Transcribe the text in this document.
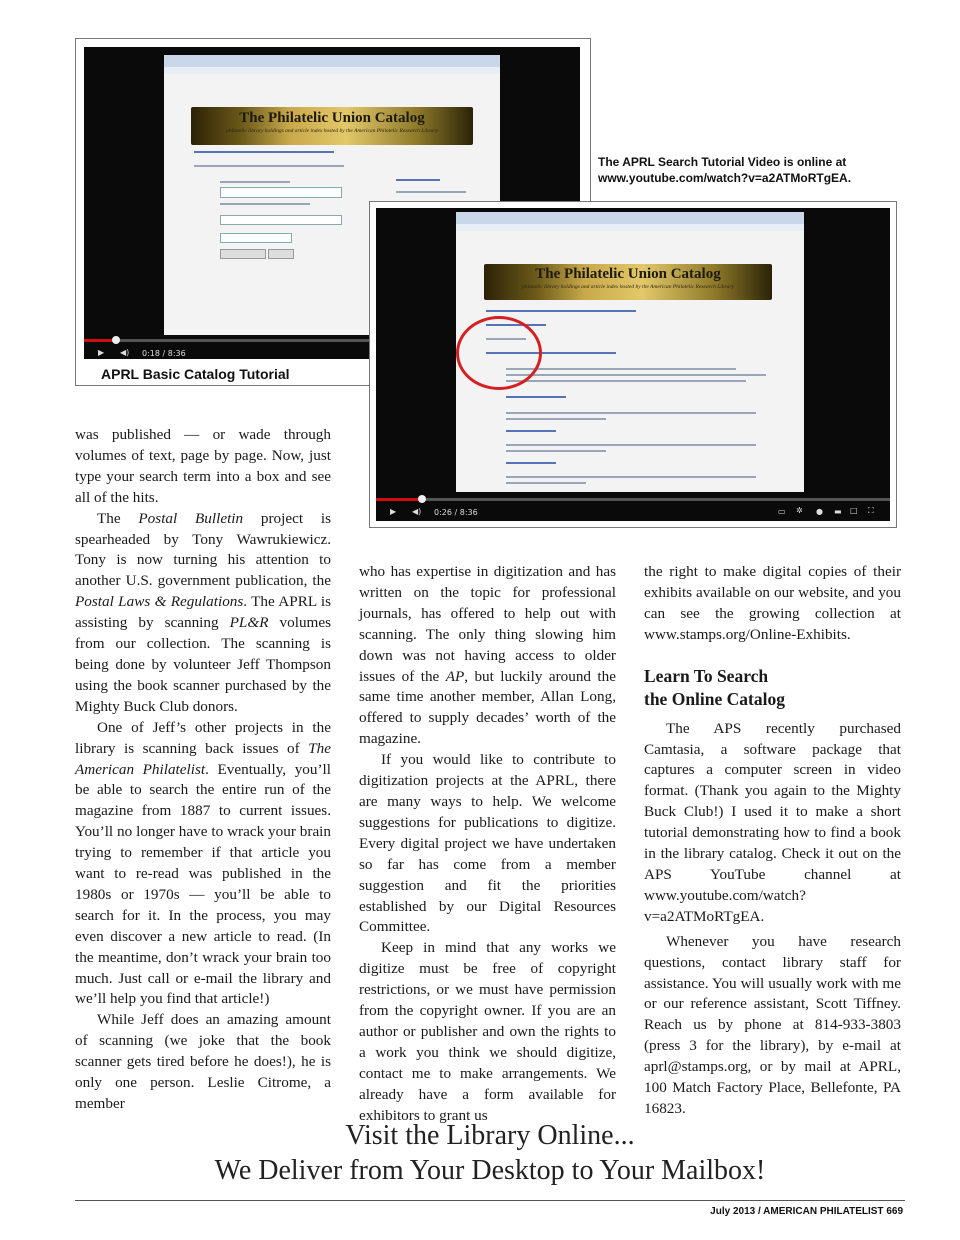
The Philatelic Union Catalog
philatelic library holdings and article index hosted by the American Philatelic Research Library
▶ ◀) 0:18 / 8:36
APRL Basic Catalog Tutorial
The APRL Search Tutorial Video is online at www.youtube.com/watch?v=a2ATMoRTgEA.
The Philatelic Union Catalog
philatelic library holdings and article index hosted by the American Philatelic Research Library
▶ ◀) 0:26 / 8:36	▭ ✲ ● ▬ □ ⛶

was published — or wade through volumes of text, page by page. Now, just type your search term into a box and see all of the hits.

The Postal Bulletin project is spearheaded by Tony Wawrukiewicz. Tony is now turning his attention to another U.S. government publication, the Postal Laws & Regulations. The APRL is assisting by scanning PL&R volumes from our collection. The scanning is being done by volunteer Jeff Thompson using the book scanner purchased by the Mighty Buck Club donors.

One of Jeff’s other projects in the library is scanning back issues of The American Philatelist. Eventually, you’ll be able to search the entire run of the magazine from 1887 to current issues. You’ll no longer have to wrack your brain trying to remember if that article you want to re-read was published in the 1980s or 1970s — you’ll be able to search for it. In the process, you may even discover a new article to read. (In the meantime, don’t wrack your brain too much. Just call or e-mail the library and we’ll help you find that article!)

While Jeff does an amazing amount of scanning (we joke that the book scanner gets tired before he does!), he is only one person. Leslie Citrome, a member

who has expertise in digitization and has written on the topic for professional journals, has offered to help out with scanning. The only thing slowing him down was not having access to older issues of the AP, but luckily around the same time another member, Allan Long, offered to supply decades’ worth of the magazine.

If you would like to contribute to digitization projects at the APRL, there are many ways to help. We welcome suggestions for publications to digitize. Every digital project we have undertaken so far has come from a member suggestion and fit the priorities established by our Digital Resources Committee.

Keep in mind that any works we digitize must be free of copyright restrictions, or we must have permission from the copyright owner. If you are an author or publisher and own the rights to a work you think we should digitize, contact me to make arrangements. We already have a form available for exhibitors to grant us

the right to make digital copies of their exhibits available on our website, and you can see the growing collection at www.stamps.org/Online-Exhibits.

Learn To Search
the Online Catalog

The APS recently purchased Camtasia, a software package that captures a computer screen in video format. (Thank you again to the Mighty Buck Club!) I used it to make a short tutorial demonstrating how to find a book in the library catalog. Check it out on the APS YouTube channel at www.youtube.com/watch?v=a2ATMoRTgEA.

Whenever you have research questions, contact library staff for assistance. You will usually work with me or our reference assistant, Scott Tiffney. Reach us by phone at 814-933-3803 (press 3 for the library), by e-mail at aprl@stamps.org, or by mail at APRL, 100 Match Factory Place, Bellefonte, PA 16823.

Visit the Library Online...
We Deliver from Your Desktop to Your Mailbox!
July 2013 / AMERICAN PHILATELIST 669
